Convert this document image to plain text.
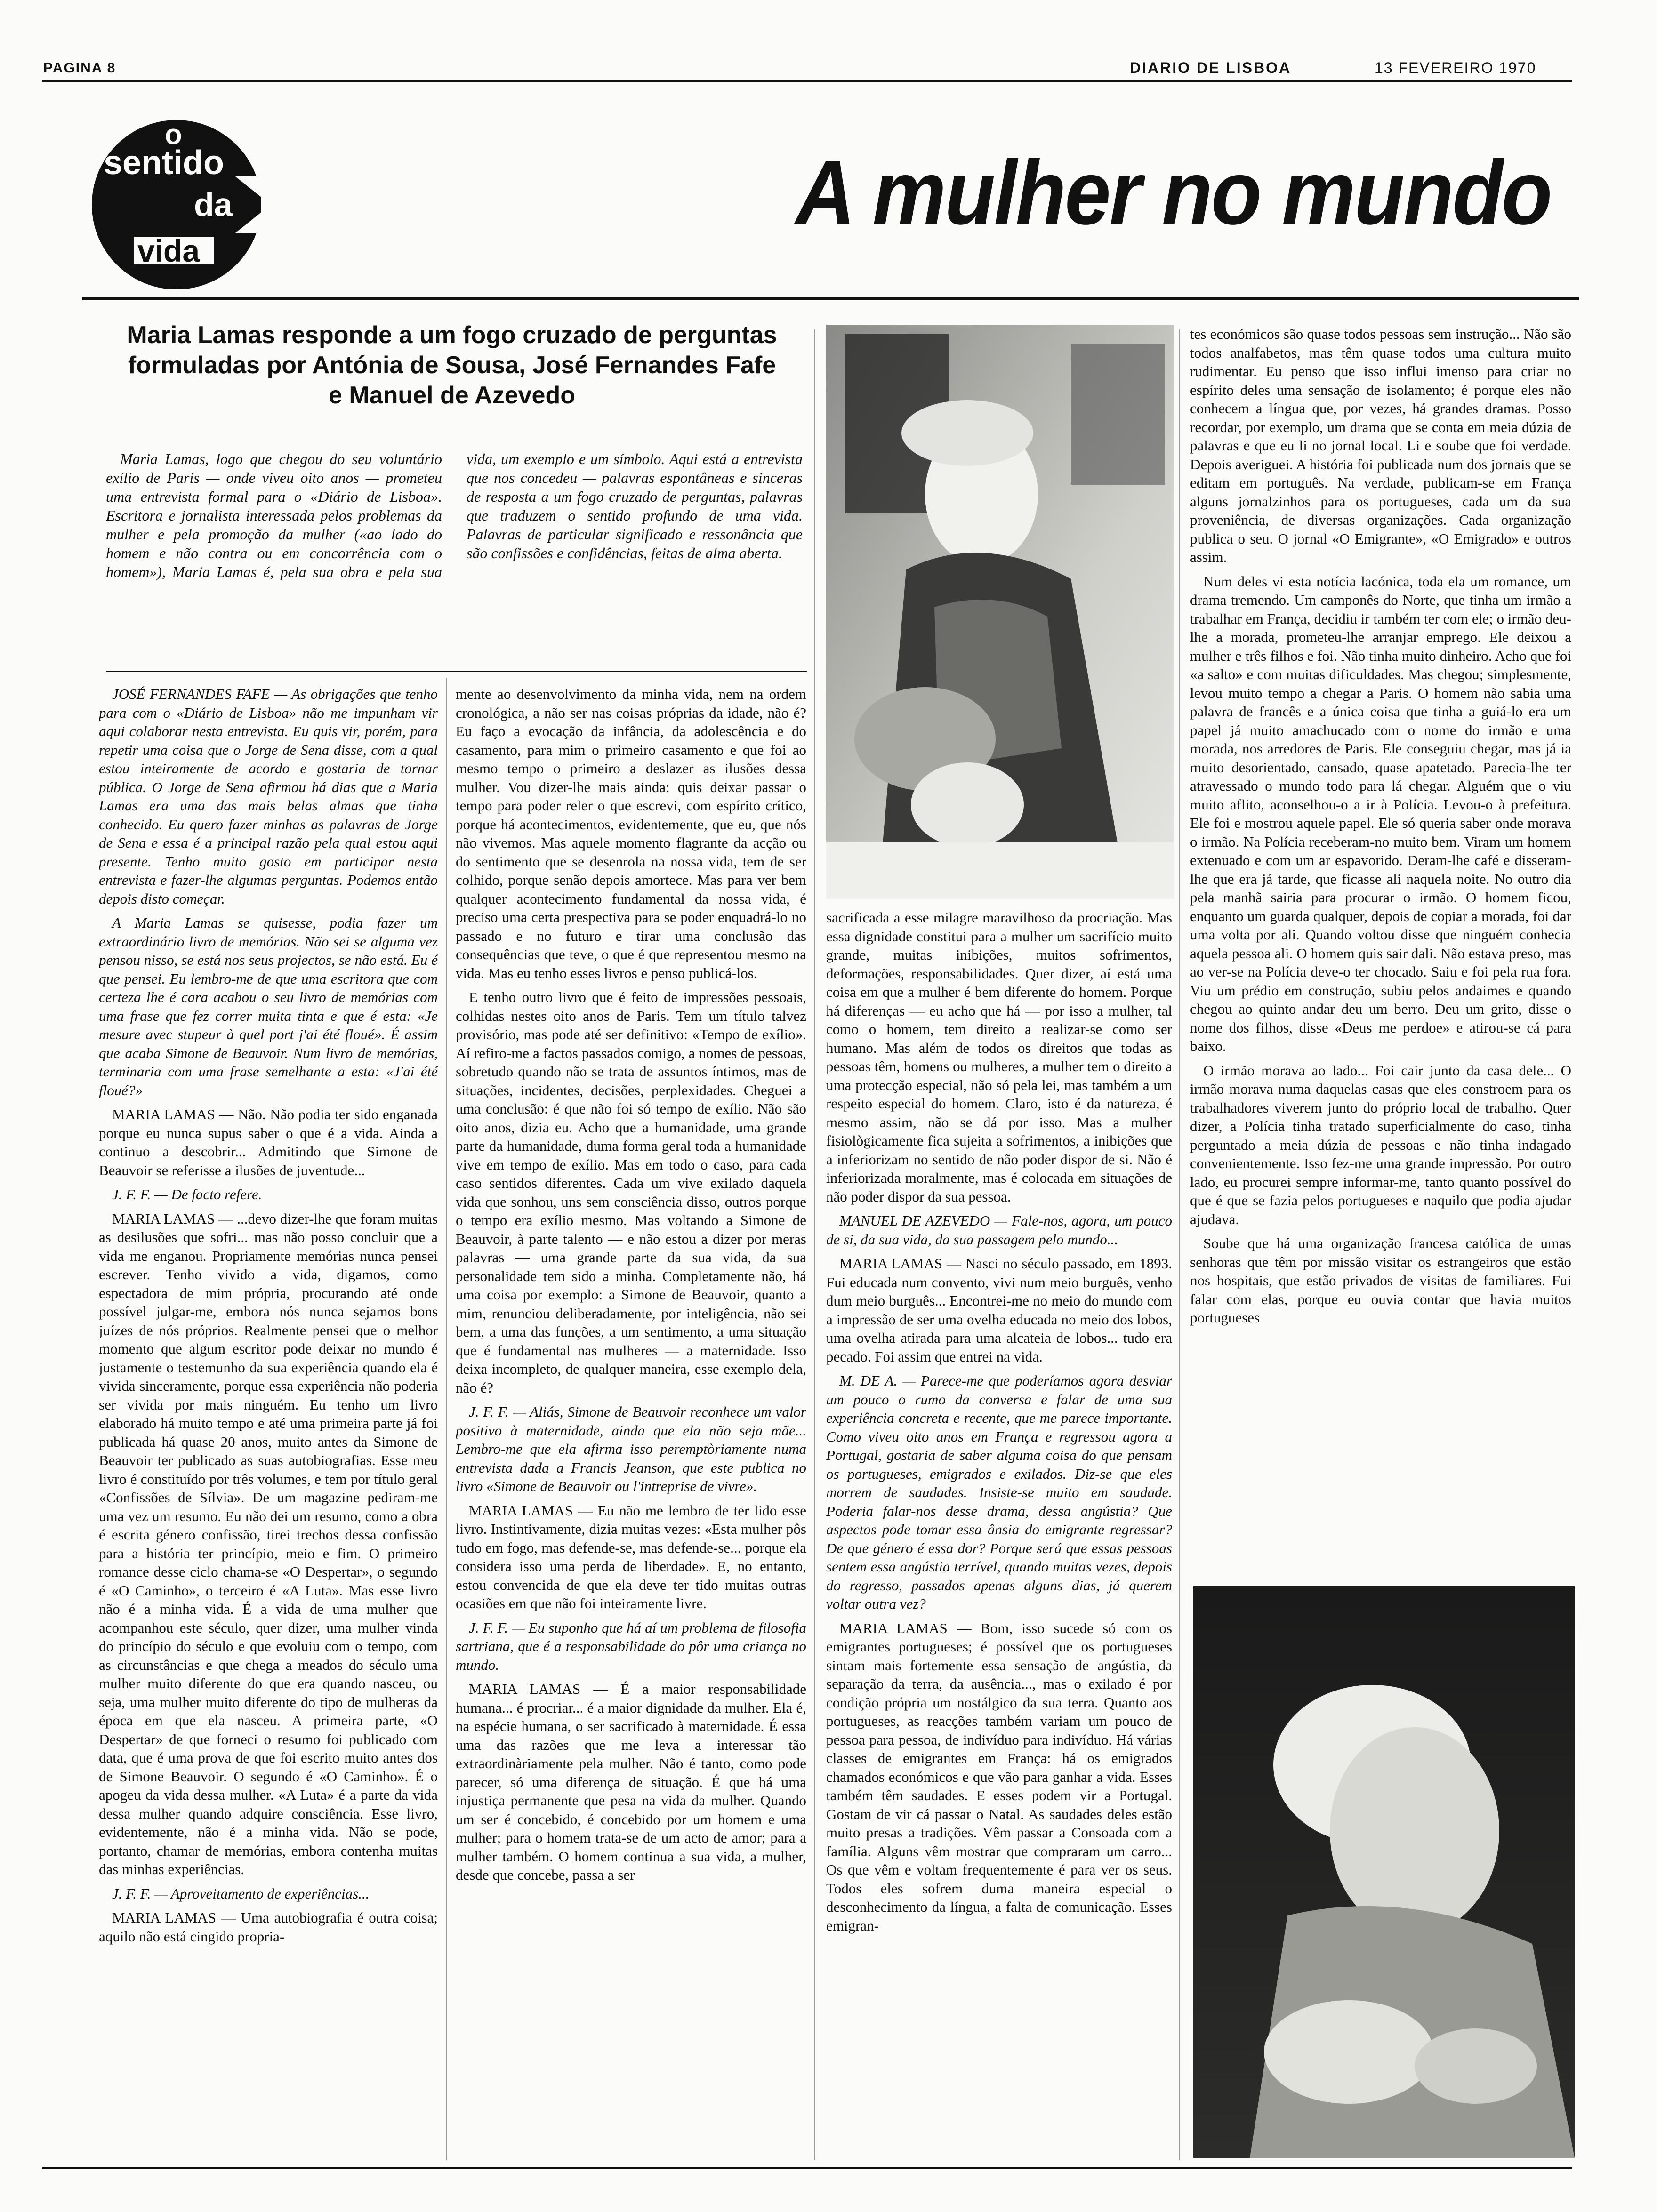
PAGINA 8	DIARIO DE LISBOA	13 FEVEREIRO 1970
o
sentido
da
vida
A mulher no mundo
Maria Lamas responde a um fogo cruzado de perguntas
formuladas por Antónia de Sousa, José Fernandes Fafe
e Manuel de Azevedo

Maria Lamas, logo que chegou do seu voluntário exílio de Paris — onde viveu oito anos — prometeu uma entrevista formal para o «Diário de Lisboa». Escritora e jornalista interessada pelos problemas da mulher e pela promoção da mulher («ao lado do homem e não contra ou em concorrência com o homem»), Maria Lamas é, pela sua obra e pela sua vida, um exemplo e um símbolo. Aqui está a entrevista que nos concedeu — palavras espontâneas e sinceras de resposta a um fogo cruzado de perguntas, palavras que traduzem o sentido profundo de uma vida. Palavras de particular significado e ressonância que são confissões e confidências, feitas de alma aberta.

JOSÉ FERNANDES FAFE — As obrigações que tenho para com o «Diário de Lisboa» não me impunham vir aqui colaborar nesta entrevista. Eu quis vir, porém, para repetir uma coisa que o Jorge de Sena disse, com a qual estou inteiramente de acordo e gostaria de tornar pública. O Jorge de Sena afirmou há dias que a Maria Lamas era uma das mais belas almas que tinha conhecido. Eu quero fazer minhas as palavras de Jorge de Sena e essa é a principal razão pela qual estou aqui presente. Tenho muito gosto em participar nesta entrevista e fazer-lhe algumas perguntas. Podemos então depois disto começar.

A Maria Lamas se quisesse, podia fazer um extraordinário livro de memórias. Não sei se alguma vez pensou nisso, se está nos seus projectos, se não está. Eu é que pensei. Eu lembro-me de que uma escritora que com certeza lhe é cara acabou o seu livro de memórias com uma frase que fez correr muita tinta e que é esta: «Je mesure avec stupeur à quel port j'ai été floué». É assim que acaba Simone de Beauvoir. Num livro de memórias, terminaria com uma frase semelhante a esta: «J'ai été floué?»

MARIA LAMAS — Não. Não podia ter sido enganada porque eu nunca supus saber o que é a vida. Ainda a continuo a descobrir... Admitindo que Simone de Beauvoir se referisse a ilusões de juventude...

J. F. F. — De facto refere.

MARIA LAMAS — ...devo dizer-lhe que foram muitas as desilusões que sofri... mas não posso concluir que a vida me enganou. Propriamente memórias nunca pensei escrever. Tenho vivido a vida, digamos, como espectadora de mim própria, procurando até onde possível julgar-me, embora nós nunca sejamos bons juízes de nós próprios. Realmente pensei que o melhor momento que algum escritor pode deixar no mundo é justamente o testemunho da sua experiência quando ela é vivida sinceramente, porque essa experiência não poderia ser vivida por mais ninguém. Eu tenho um livro elaborado há muito tempo e até uma primeira parte já foi publicada há quase 20 anos, muito antes da Simone de Beauvoir ter publicado as suas autobiografias. Esse meu livro é constituído por três volumes, e tem por título geral «Confissões de Sílvia». De um magazine pediram-me uma vez um resumo. Eu não dei um resumo, como a obra é escrita género confissão, tirei trechos dessa confissão para a história ter princípio, meio e fim. O primeiro romance desse ciclo chama-se «O Despertar», o segundo é «O Caminho», o terceiro é «A Luta». Mas esse livro não é a minha vida. É a vida de uma mulher que acompanhou este século, quer dizer, uma mulher vinda do princípio do século e que evoluiu com o tempo, com as circunstâncias e que chega a meados do século uma mulher muito diferente do que era quando nasceu, ou seja, uma mulher muito diferente do tipo de mulheras da época em que ela nasceu. A primeira parte, «O Despertar» de que forneci o resumo foi publicado com data, que é uma prova de que foi escrito muito antes dos de Simone Beauvoir. O segundo é «O Caminho». É o apogeu da vida dessa mulher. «A Luta» é a parte da vida dessa mulher quando adquire consciência. Esse livro, evidentemente, não é a minha vida. Não se pode, portanto, chamar de memórias, embora contenha muitas das minhas experiências.

J. F. F. — Aproveitamento de experiências...

MARIA LAMAS — Uma autobiografia é outra coisa; aquilo não está cingido propria-

mente ao desenvolvimento da minha vida, nem na ordem cronológica, a não ser nas coisas próprias da idade, não é? Eu faço a evocação da infância, da adolescência e do casamento, para mim o primeiro casamento e que foi ao mesmo tempo o primeiro a deslazer as ilusões dessa mulher. Vou dizer-lhe mais ainda: quis deixar passar o tempo para poder reler o que escrevi, com espírito crítico, porque há acontecimentos, evidentemente, que eu, que nós não vivemos. Mas aquele momento flagrante da acção ou do sentimento que se desenrola na nossa vida, tem de ser colhido, porque senão depois amortece. Mas para ver bem qualquer acontecimento fundamental da nossa vida, é preciso uma certa prespectiva para se poder enquadrá-lo no passado e no futuro e tirar uma conclusão das consequências que teve, o que é que representou mesmo na vida. Mas eu tenho esses livros e penso publicá-los.

E tenho outro livro que é feito de impressões pessoais, colhidas nestes oito anos de Paris. Tem um título talvez provisório, mas pode até ser definitivo: «Tempo de exílio». Aí refiro-me a factos passados comigo, a nomes de pessoas, sobretudo quando não se trata de assuntos íntimos, mas de situações, incidentes, decisões, perplexidades. Cheguei a uma conclusão: é que não foi só tempo de exílio. Não são oito anos, dizia eu. Acho que a humanidade, uma grande parte da humanidade, duma forma geral toda a humanidade vive em tempo de exílio. Mas em todo o caso, para cada caso sentidos diferentes. Cada um vive exilado daquela vida que sonhou, uns sem consciência disso, outros porque o tempo era exílio mesmo. Mas voltando a Simone de Beauvoir, à parte talento — e não estou a dizer por meras palavras — uma grande parte da sua vida, da sua personalidade tem sido a minha. Completamente não, há uma coisa por exemplo: a Simone de Beauvoir, quanto a mim, renunciou deliberadamente, por inteligência, não sei bem, a uma das funções, a um sentimento, a uma situação que é fundamental nas mulheres — a maternidade. Isso deixa incompleto, de qualquer maneira, esse exemplo dela, não é?

J. F. F. — Aliás, Simone de Beauvoir reconhece um valor positivo à maternidade, ainda que ela não seja mãe... Lembro-me que ela afirma isso peremptòriamente numa entrevista dada a Francis Jeanson, que este publica no livro «Simone de Beauvoir ou l'intreprise de vivre».

MARIA LAMAS — Eu não me lembro de ter lido esse livro. Instintivamente, dizia muitas vezes: «Esta mulher pôs tudo em fogo, mas defende-se, mas defende-se... porque ela considera isso uma perda de liberdade». E, no entanto, estou convencida de que ela deve ter tido muitas outras ocasiões em que não foi inteiramente livre.

J. F. F. — Eu suponho que há aí um problema de filosofia sartriana, que é a responsabilidade do pôr uma criança no mundo.

MARIA LAMAS — É a maior responsabilidade humana... é procriar... é a maior dignidade da mulher. Ela é, na espécie humana, o ser sacrificado à maternidade. É essa uma das razões que me leva a interessar tão extraordinàriamente pela mulher. Não é tanto, como pode parecer, só uma diferença de situação. É que há uma injustiça permanente que pesa na vida da mulher. Quando um ser é concebido, é concebido por um homem e uma mulher; para o homem trata-se de um acto de amor; para a mulher também. O homem continua a sua vida, a mulher, desde que concebe, passa a ser

sacrificada a esse milagre maravilhoso da procriação. Mas essa dignidade constitui para a mulher um sacrifício muito grande, muitas inibições, muitos sofrimentos, deformações, responsabilidades. Quer dizer, aí está uma coisa em que a mulher é bem diferente do homem. Porque há diferenças — eu acho que há — por isso a mulher, tal como o homem, tem direito a realizar-se como ser humano. Mas além de todos os direitos que todas as pessoas têm, homens ou mulheres, a mulher tem o direito a uma protecção especial, não só pela lei, mas também a um respeito especial do homem. Claro, isto é da natureza, é mesmo assim, não se dá por isso. Mas a mulher fisiològicamente fica sujeita a sofrimentos, a inibições que a inferiorizam no sentido de não poder dispor de si. Não é inferiorizada moralmente, mas é colocada em situações de não poder dispor da sua pessoa.

MANUEL DE AZEVEDO — Fale-nos, agora, um pouco de si, da sua vida, da sua passagem pelo mundo...

MARIA LAMAS — Nasci no século passado, em 1893. Fui educada num convento, vivi num meio burguês, venho dum meio burguês... Encontrei-me no meio do mundo com a impressão de ser uma ovelha educada no meio dos lobos, uma ovelha atirada para uma alcateia de lobos... tudo era pecado. Foi assim que entrei na vida.

M. DE A. — Parece-me que poderíamos agora desviar um pouco o rumo da conversa e falar de uma sua experiência concreta e recente, que me parece importante. Como viveu oito anos em França e regressou agora a Portugal, gostaria de saber alguma coisa do que pensam os portugueses, emigrados e exilados. Diz-se que eles morrem de saudades. Insiste-se muito em saudade. Poderia falar-nos desse drama, dessa angústia? Que aspectos pode tomar essa ânsia do emigrante regressar? De que género é essa dor? Porque será que essas pessoas sentem essa angústia terrível, quando muitas vezes, depois do regresso, passados apenas alguns dias, já querem voltar outra vez?

MARIA LAMAS — Bom, isso sucede só com os emigrantes portugueses; é possível que os portugueses sintam mais fortemente essa sensação de angústia, da separação da terra, da ausência..., mas o exilado é por condição própria um nostálgico da sua terra. Quanto aos portugueses, as reacções também variam um pouco de pessoa para pessoa, de indivíduo para indivíduo. Há várias classes de emigrantes em França: há os emigrados chamados económicos e que vão para ganhar a vida. Esses também têm saudades. E esses podem vir a Portugal. Gostam de vir cá passar o Natal. As saudades deles estão muito presas a tradições. Vêm passar a Consoada com a família. Alguns vêm mostrar que compraram um carro... Os que vêm e voltam frequentemente é para ver os seus. Todos eles sofrem duma maneira especial o desconhecimento da língua, a falta de comunicação. Esses emigran-

tes económicos são quase todos pessoas sem instrução... Não são todos analfabetos, mas têm quase todos uma cultura muito rudimentar. Eu penso que isso influi imenso para criar no espírito deles uma sensação de isolamento; é porque eles não conhecem a língua que, por vezes, há grandes dramas. Posso recordar, por exemplo, um drama que se conta em meia dúzia de palavras e que eu li no jornal local. Li e soube que foi verdade. Depois averiguei. A história foi publicada num dos jornais que se editam em português. Na verdade, publicam-se em França alguns jornalzinhos para os portugueses, cada um da sua proveniência, de diversas organizações. Cada organização publica o seu. O jornal «O Emigrante», «O Emigrado» e outros assim.

Num deles vi esta notícia lacónica, toda ela um romance, um drama tremendo. Um camponês do Norte, que tinha um irmão a trabalhar em França, decidiu ir também ter com ele; o irmão deu-lhe a morada, prometeu-lhe arranjar emprego. Ele deixou a mulher e três filhos e foi. Não tinha muito dinheiro. Acho que foi «a salto» e com muitas dificuldades. Mas chegou; simplesmente, levou muito tempo a chegar a Paris. O homem não sabia uma palavra de francês e a única coisa que tinha a guiá-lo era um papel já muito amachucado com o nome do irmão e uma morada, nos arredores de Paris. Ele conseguiu chegar, mas já ia muito desorientado, cansado, quase apatetado. Parecia-lhe ter atravessado o mundo todo para lá chegar. Alguém que o viu muito aflito, aconselhou-o a ir à Polícia. Levou-o à prefeitura. Ele foi e mostrou aquele papel. Ele só queria saber onde morava o irmão. Na Polícia receberam-no muito bem. Viram um homem extenuado e com um ar espavorido. Deram-lhe café e disseram-lhe que era já tarde, que ficasse ali naquela noite. No outro dia pela manhã sairia para procurar o irmão. O homem ficou, enquanto um guarda qualquer, depois de copiar a morada, foi dar uma volta por ali. Quando voltou disse que ninguém conhecia aquela pessoa ali. O homem quis sair dali. Não estava preso, mas ao ver-se na Polícia deve-o ter chocado. Saiu e foi pela rua fora. Viu um prédio em construção, subiu pelos andaimes e quando chegou ao quinto andar deu um berro. Deu um grito, disse o nome dos filhos, disse «Deus me perdoe» e atirou-se cá para baixo.

O irmão morava ao lado... Foi cair junto da casa dele... O irmão morava numa daquelas casas que eles constroem para os trabalhadores viverem junto do próprio local de trabalho. Quer dizer, a Polícia tinha tratado superficialmente do caso, tinha perguntado a meia dúzia de pessoas e não tinha indagado convenientemente. Isso fez-me uma grande impressão. Por outro lado, eu procurei sempre informar-me, tanto quanto possível do que é que se fazia pelos portugueses e naquilo que podia ajudar ajudava.

Soube que há uma organização francesa católica de umas senhoras que têm por missão visitar os estrangeiros que estão nos hospitais, que estão privados de visitas de familiares. Fui falar com elas, porque eu ouvia contar que havia muitos portugueses
